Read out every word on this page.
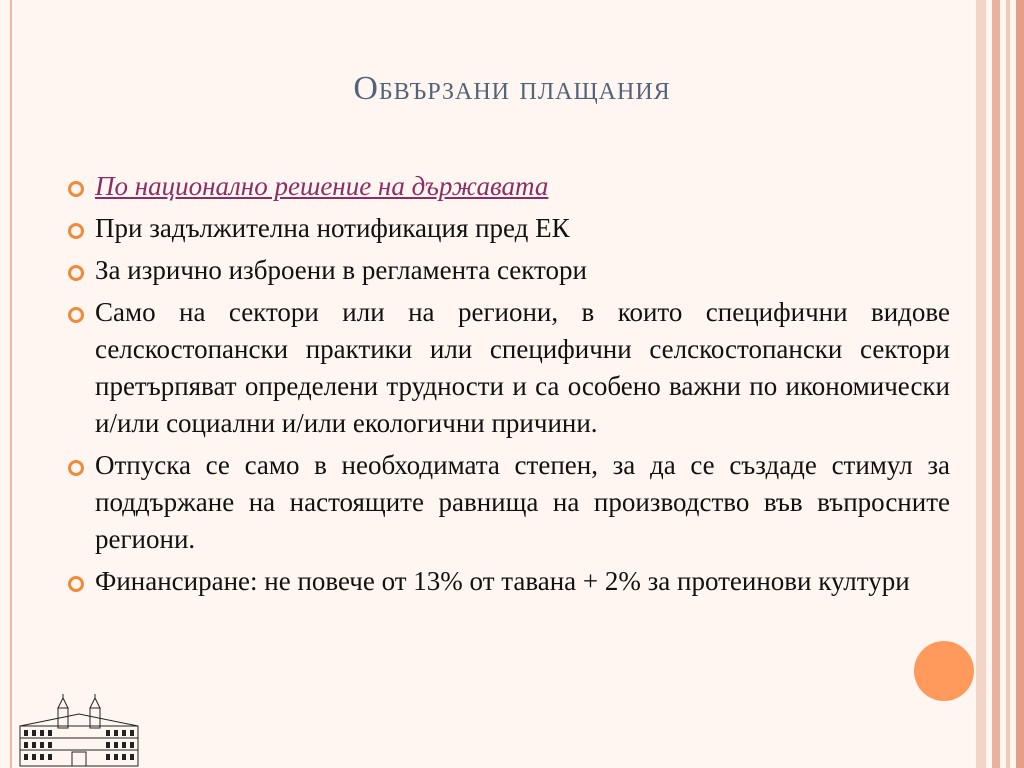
Обвързани плащания
По национално решение на държавата
При задължителна нотификация пред ЕК
За изрично изброени в регламента сектори
Само на сектори или на региони, в които специфични видове селскостопански практики или специфични селскостопански сектори претърпяват определени трудности и са особено важни по икономически и/или социални и/или екологични причини.
Отпуска се само в необходимата степен, за да се създаде стимул за поддържане на настоящите равнища на производство във въпросните региони.
Финансиране: не повече от 13% от тавана + 2% за протеинови култури
